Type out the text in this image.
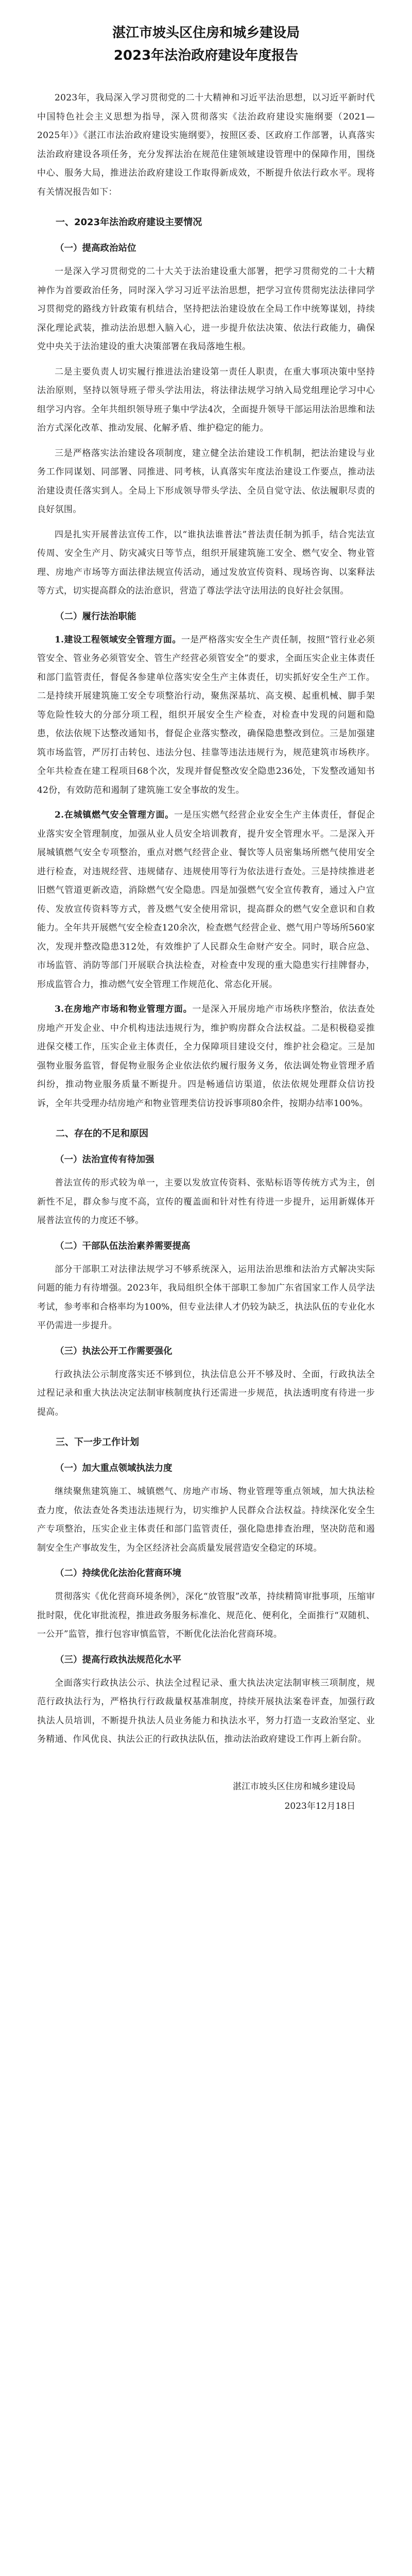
湛江市坡头区住房和城乡建设局
2023年法治政府建设年度报告

2023年，我局深入学习贯彻党的二十大精神和习近平法治思想，以习近平新时代中国特色社会主义思想为指导，深入贯彻落实《法治政府建设实施纲要（2021—2025年）》《湛江市法治政府建设实施纲要》，按照区委、区政府工作部署，认真落实法治政府建设各项任务，充分发挥法治在规范住建领域建设管理中的保障作用，围绕中心、服务大局，推进法治政府建设工作取得新成效，不断提升依法行政水平。现将有关情况报告如下：

一、2023年法治政府建设主要情况
（一）提高政治站位

一是深入学习贯彻党的二十大关于法治建设重大部署，把学习贯彻党的二十大精神作为首要政治任务，同时深入学习习近平法治思想，把学习宣传贯彻宪法法律同学习贯彻党的路线方针政策有机结合，坚持把法治建设放在全局工作中统筹谋划，持续深化理论武装，推动法治思想入脑入心，进一步提升依法决策、依法行政能力，确保党中央关于法治建设的重大决策部署在我局落地生根。

二是主要负责人切实履行推进法治建设第一责任人职责，在重大事项决策中坚持法治原则，坚持以领导班子带头学法用法，将法律法规学习纳入局党组理论学习中心组学习内容。全年共组织领导班子集中学法4次，全面提升领导干部运用法治思维和法治方式深化改革、推动发展、化解矛盾、维护稳定的能力。

三是严格落实法治建设各项制度，建立健全法治建设工作机制，把法治建设与业务工作同谋划、同部署、同推进、同考核，认真落实年度法治建设工作要点，推动法治建设责任落实到人。全局上下形成领导带头学法、全员自觉守法、依法履职尽责的良好氛围。

四是扎实开展普法宣传工作，以“谁执法谁普法”普法责任制为抓手，结合宪法宣传周、安全生产月、防灾减灾日等节点，组织开展建筑施工安全、燃气安全、物业管理、房地产市场等方面法律法规宣传活动，通过发放宣传资料、现场咨询、以案释法等方式，切实提高群众的法治意识，营造了尊法学法守法用法的良好社会氛围。

（二）履行法治职能

1.建设工程领域安全管理方面。一是严格落实安全生产责任制，按照“管行业必须管安全、管业务必须管安全、管生产经营必须管安全”的要求，全面压实企业主体责任和部门监管责任，督促各参建单位落实安全生产主体责任，切实抓好安全生产工作。二是持续开展建筑施工安全专项整治行动，聚焦深基坑、高支模、起重机械、脚手架等危险性较大的分部分项工程，组织开展安全生产检查，对检查中发现的问题和隐患，依法依规下达整改通知书，督促企业落实整改，确保隐患整改到位。三是加强建筑市场监管，严厉打击转包、违法分包、挂靠等违法违规行为，规范建筑市场秩序。全年共检查在建工程项目68个次，发现并督促整改安全隐患236处，下发整改通知书42份，有效防范和遏制了建筑施工安全事故的发生。

2.在城镇燃气安全管理方面。一是压实燃气经营企业安全生产主体责任，督促企业落实安全管理制度，加强从业人员安全培训教育，提升安全管理水平。二是深入开展城镇燃气安全专项整治，重点对燃气经营企业、餐饮等人员密集场所燃气使用安全进行检查，对违规经营、违规储存、违规使用等行为依法进行查处。三是持续推进老旧燃气管道更新改造，消除燃气安全隐患。四是加强燃气安全宣传教育，通过入户宣传、发放宣传资料等方式，普及燃气安全使用常识，提高群众的燃气安全意识和自救能力。全年共开展燃气安全检查120余次，检查燃气经营企业、燃气用户等场所560家次，发现并整改隐患312处，有效维护了人民群众生命财产安全。同时，联合应急、市场监管、消防等部门开展联合执法检查，对检查中发现的重大隐患实行挂牌督办，形成监管合力，推动燃气安全管理工作规范化、常态化开展。

3.在房地产市场和物业管理方面。一是深入开展房地产市场秩序整治，依法查处房地产开发企业、中介机构违法违规行为，维护购房群众合法权益。二是积极稳妥推进保交楼工作，压实企业主体责任，全力保障项目建设交付，维护社会稳定。三是加强物业服务监管，督促物业服务企业依法依约履行服务义务，依法调处物业管理矛盾纠纷，推动物业服务质量不断提升。四是畅通信访渠道，依法依规处理群众信访投诉，全年共受理办结房地产和物业管理类信访投诉事项80余件，按期办结率100%。

二、存在的不足和原因
（一）法治宣传有待加强

普法宣传的形式较为单一，主要以发放宣传资料、张贴标语等传统方式为主，创新性不足，群众参与度不高，宣传的覆盖面和针对性有待进一步提升，运用新媒体开展普法宣传的力度还不够。

（二）干部队伍法治素养需要提高

部分干部职工对法律法规学习不够系统深入，运用法治思维和法治方式解决实际问题的能力有待增强。2023年，我局组织全体干部职工参加广东省国家工作人员学法考试，参考率和合格率均为100%，但专业法律人才仍较为缺乏，执法队伍的专业化水平仍需进一步提升。

（三）执法公开工作需要强化

行政执法公示制度落实还不够到位，执法信息公开不够及时、全面，行政执法全过程记录和重大执法决定法制审核制度执行还需进一步规范，执法透明度有待进一步提高。

三、下一步工作计划
（一）加大重点领域执法力度

继续聚焦建筑施工、城镇燃气、房地产市场、物业管理等重点领域，加大执法检查力度，依法查处各类违法违规行为，切实维护人民群众合法权益。持续深化安全生产专项整治，压实企业主体责任和部门监管责任，强化隐患排查治理，坚决防范和遏制安全生产事故发生，为全区经济社会高质量发展营造安全稳定的环境。

（二）持续优化法治化营商环境

贯彻落实《优化营商环境条例》，深化“放管服”改革，持续精简审批事项，压缩审批时限，优化审批流程，推进政务服务标准化、规范化、便利化，全面推行“双随机、一公开”监管，推行包容审慎监管，不断优化法治化营商环境。

（三）提高行政执法规范化水平

全面落实行政执法公示、执法全过程记录、重大执法决定法制审核三项制度，规范行政执法行为，严格执行行政裁量权基准制度，持续开展执法案卷评查，加强行政执法人员培训，不断提升执法人员业务能力和执法水平，努力打造一支政治坚定、业务精通、作风优良、执法公正的行政执法队伍，推动法治政府建设工作再上新台阶。

湛江市坡头区住房和城乡建设局
2023年12月18日
